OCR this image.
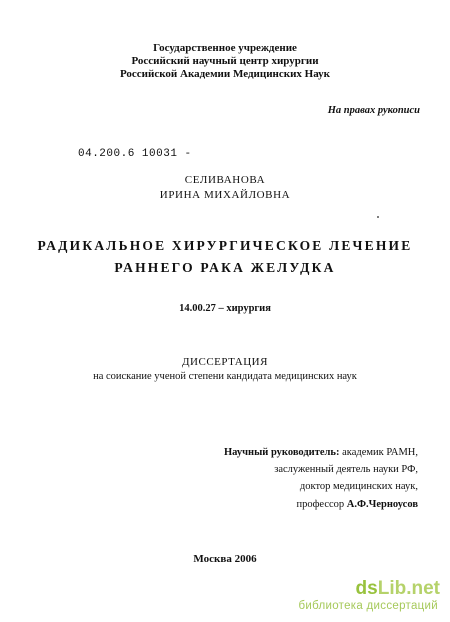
Государственное учреждение
Российский научный центр хирургии
Российской Академии Медицинских Наук
На правах рукописи
04.200.6 10031 -
СЕЛИВАНОВА
ИРИНА МИХАЙЛОВНА
РАДИКАЛЬНОЕ ХИРУРГИЧЕСКОЕ ЛЕЧЕНИЕ
РАННЕГО РАКА ЖЕЛУДКА
14.00.27 – хирургия
ДИССЕРТАЦИЯ
на соискание ученой степени кандидата медицинских наук
Научный руководитель: академик РАМН,
заслуженный деятель науки РФ,
доктор медицинских наук,
профессор А.Ф.Черноусов
Москва 2006
dsLib.net
библиотека диссертаций
